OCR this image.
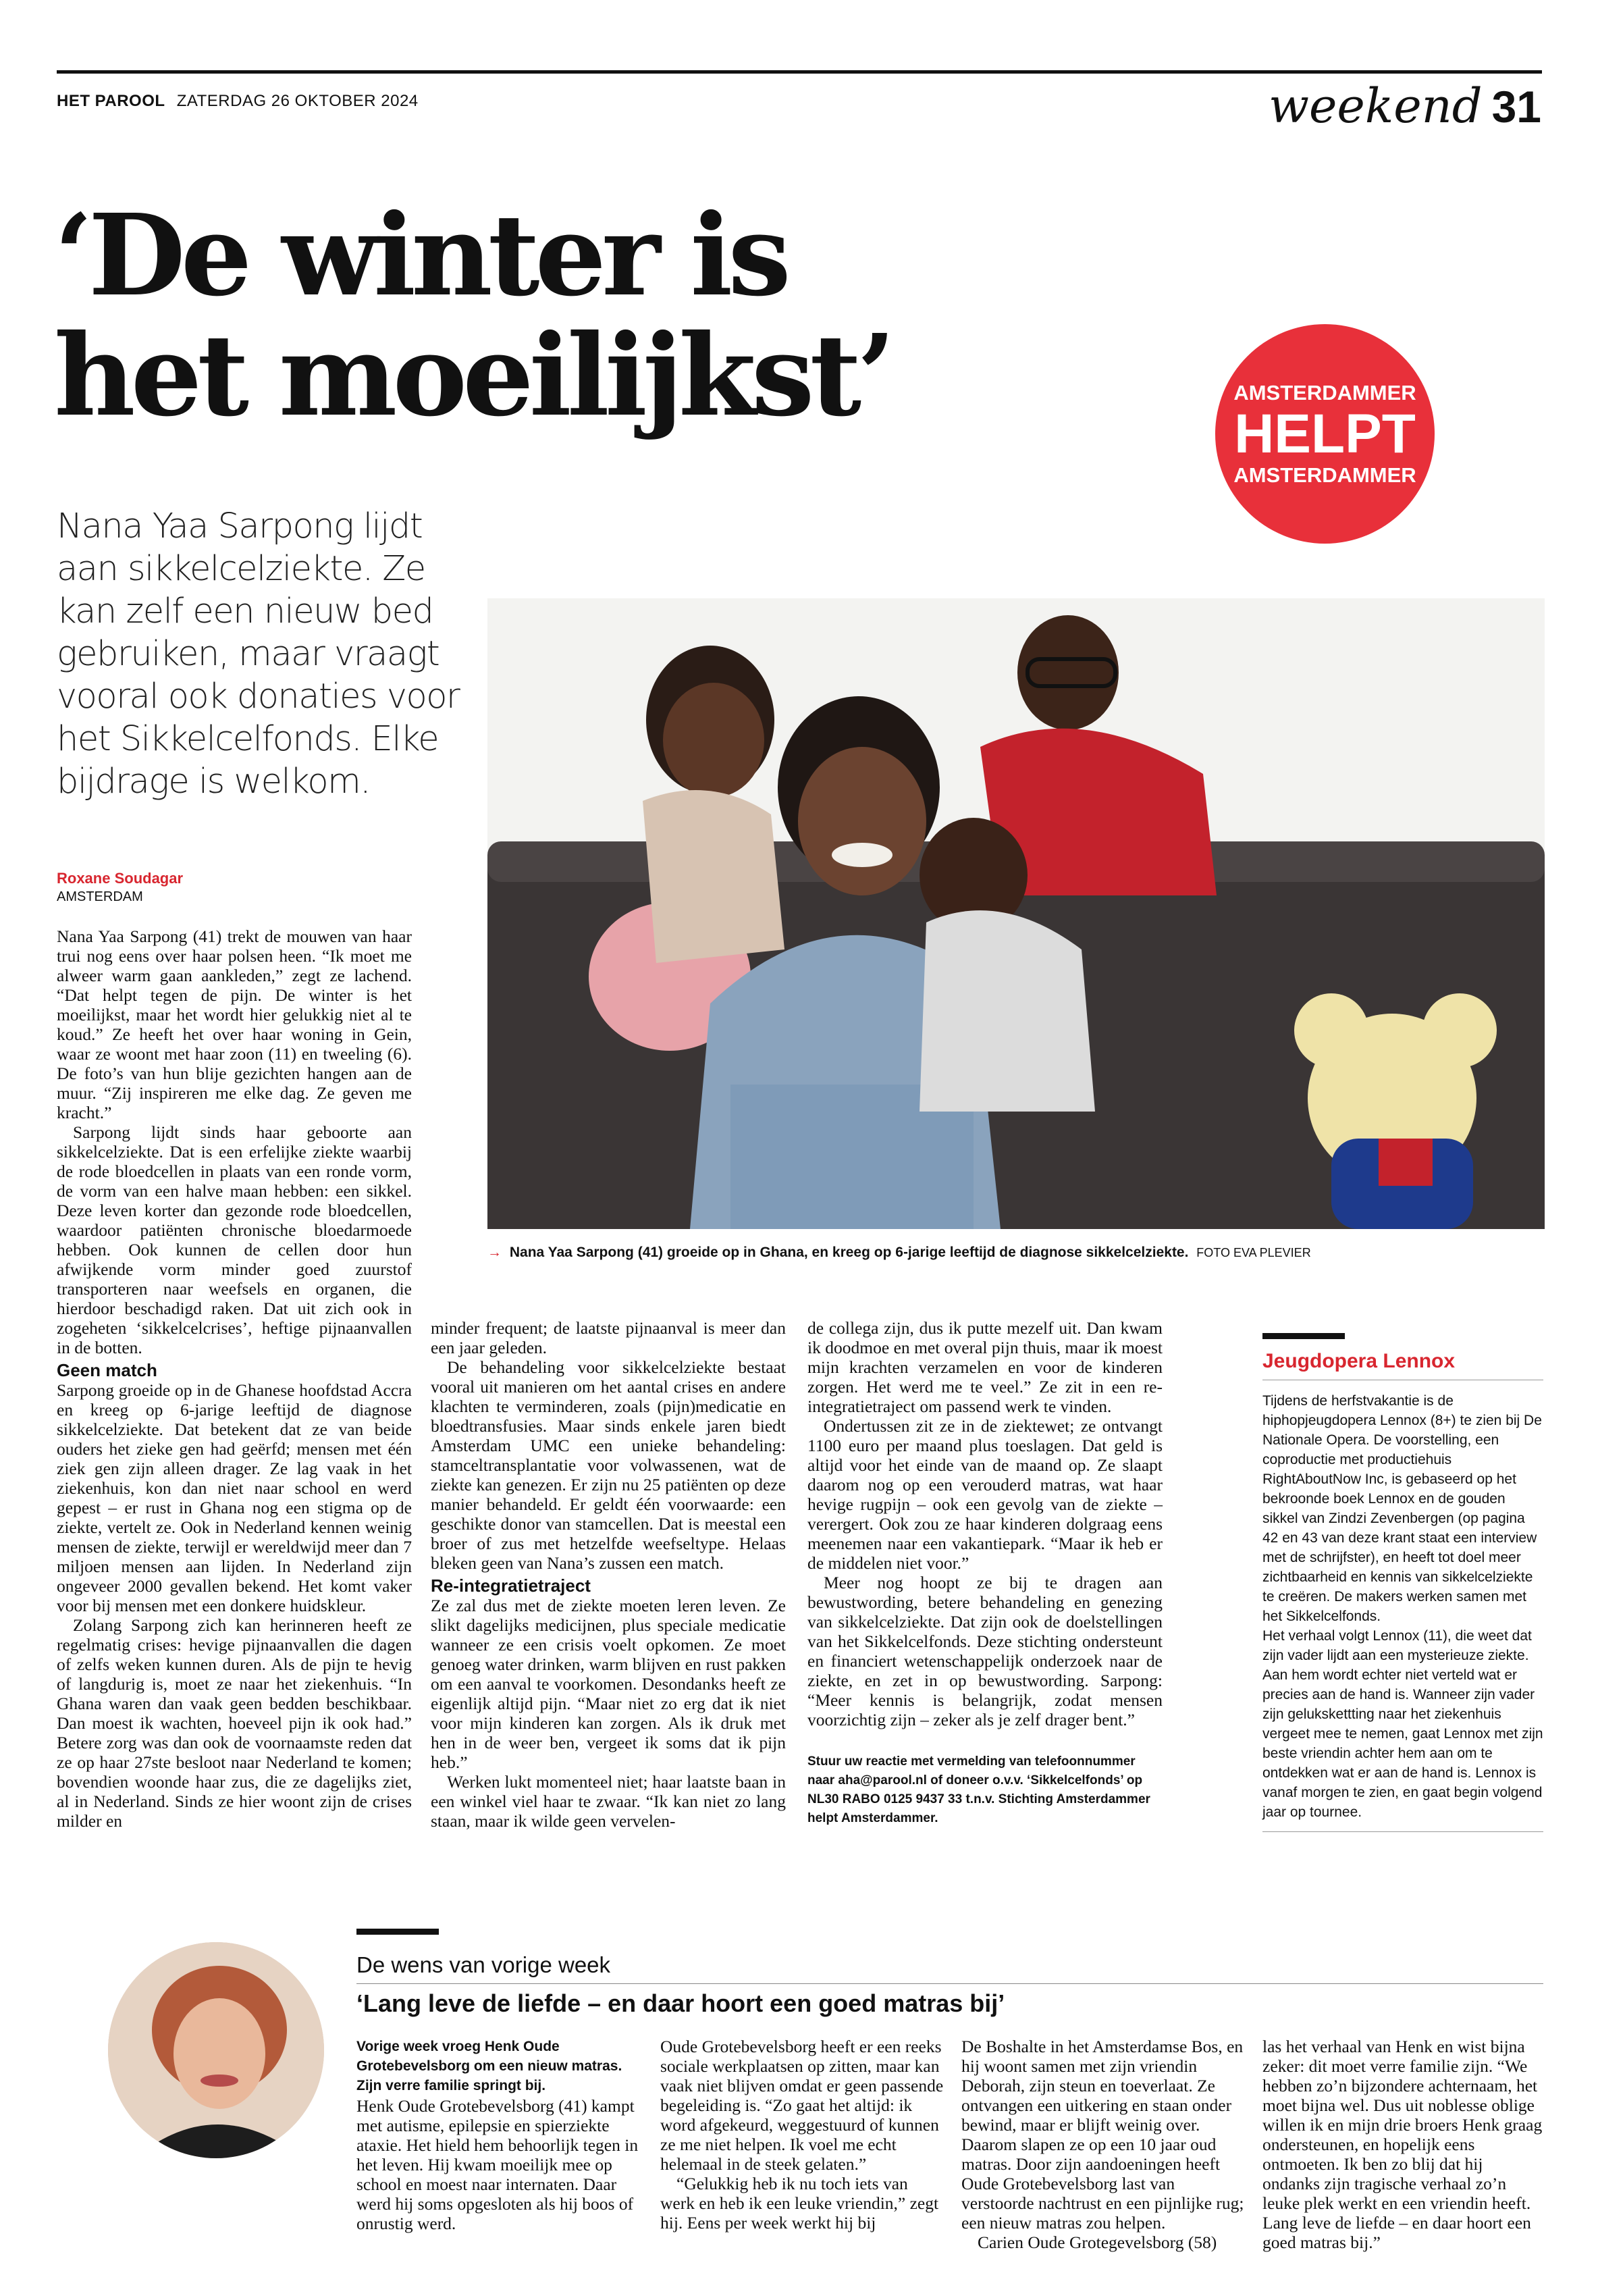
HET PAROOL ZATERDAG 26 OKTOBER 2024	weekend 31
‘De winter is
het moeilijkst’	AMSTERDAMMER
HELPT
AMSTERDAMMER
Nana Yaa Sarpong lijdt aan sikkelcelziekte. Ze kan zelf een nieuw bed gebruiken, maar vraagt vooral ook donaties voor het Sikkelcelfonds. Elke bijdrage is welkom.
→ Nana Yaa Sarpong (41) groeide op in Ghana, en kreeg op 6-jarige leeftijd de diagnose sikkelcelziekte. FOTO EVA PLEVIER
Roxane Soudagar
AMSTERDAM

Nana Yaa Sarpong (41) trekt de mouwen van haar trui nog eens over haar polsen heen. “Ik moet me alweer warm gaan aankleden,” zegt ze lachend. “Dat helpt tegen de pijn. De winter is het moeilijkst, maar het wordt hier gelukkig niet al te koud.” Ze heeft het over haar woning in Gein, waar ze woont met haar zoon (11) en tweeling (6). De foto’s van hun blije gezichten hangen aan de muur. “Zij inspireren me elke dag. Ze geven me kracht.”

Sarpong lijdt sinds haar geboorte aan sikkelcelziekte. Dat is een erfelijke ziekte waarbij de rode bloedcellen in plaats van een ronde vorm, de vorm van een halve maan hebben: een sikkel. Deze leven korter dan gezonde rode bloedcellen, waardoor patiënten chronische bloedarmoede hebben. Ook kunnen de cellen door hun afwijkende vorm minder goed zuurstof transporteren naar weefsels en organen, die hierdoor beschadigd raken. Dat uit zich ook in zogeheten ‘sikkelcelcrises’, heftige pijnaanvallen in de botten.

Geen match

Sarpong groeide op in de Ghanese hoofdstad Accra en kreeg op 6-jarige leeftijd de diagnose sikkelcelziekte. Dat betekent dat ze van beide ouders het zieke gen had geërfd; mensen met één ziek gen zijn alleen drager. Ze lag vaak in het ziekenhuis, kon dan niet naar school en werd gepest – er rust in Ghana nog een stigma op de ziekte, vertelt ze. Ook in Nederland kennen weinig mensen de ziekte, terwijl er wereldwijd meer dan 7 miljoen mensen aan lijden. In Nederland zijn ongeveer 2000 gevallen bekend. Het komt vaker voor bij mensen met een donkere huidskleur.

Zolang Sarpong zich kan herinneren heeft ze regelmatig crises: hevige pijnaanvallen die dagen of zelfs weken kunnen duren. Als de pijn te hevig of langdurig is, moet ze naar het ziekenhuis. “In Ghana waren dan vaak geen bedden beschikbaar. Dan moest ik wachten, hoeveel pijn ik ook had.” Betere zorg was dan ook de voornaamste reden dat ze op haar 27ste besloot naar Nederland te komen; bovendien woonde haar zus, die ze dagelijks ziet, al in Nederland. Sinds ze hier woont zijn de crises milder en

minder frequent; de laatste pijnaanval is meer dan een jaar geleden.

De behandeling voor sikkelcelziekte bestaat vooral uit manieren om het aantal crises en andere klachten te verminderen, zoals (pijn)medicatie en bloedtransfusies. Maar sinds enkele jaren biedt Amsterdam UMC een unieke behandeling: stamceltransplantatie voor volwassenen, wat de ziekte kan genezen. Er zijn nu 25 patiënten op deze manier behandeld. Er geldt één voorwaarde: een geschikte donor van stamcellen. Dat is meestal een broer of zus met hetzelfde weefseltype. Helaas bleken geen van Nana’s zussen een match.

Re-integratietraject

Ze zal dus met de ziekte moeten leren leven. Ze slikt dagelijks medicijnen, plus speciale medicatie wanneer ze een crisis voelt opkomen. Ze moet genoeg water drinken, warm blijven en rust pakken om een aanval te voorkomen. Desondanks heeft ze eigenlijk altijd pijn. “Maar niet zo erg dat ik niet voor mijn kinderen kan zorgen. Als ik druk met hen in de weer ben, vergeet ik soms dat ik pijn heb.”

Werken lukt momenteel niet; haar laatste baan in een winkel viel haar te zwaar. “Ik kan niet zo lang staan, maar ik wilde geen vervelen-

de collega zijn, dus ik putte mezelf uit. Dan kwam ik doodmoe en met overal pijn thuis, maar ik moest mijn krachten verzamelen en voor de kinderen zorgen. Het werd me te veel.” Ze zit in een re-integratietraject om passend werk te vinden.

Ondertussen zit ze in de ziektewet; ze ontvangt 1100 euro per maand plus toeslagen. Dat geld is altijd voor het einde van de maand op. Ze slaapt daarom nog op een verouderd matras, wat haar hevige rugpijn – ook een gevolg van de ziekte – verergert. Ook zou ze haar kinderen dolgraag eens meenemen naar een vakantiepark. “Maar ik heb er de middelen niet voor.”

Meer nog hoopt ze bij te dragen aan bewustwording, betere behandeling en genezing van sikkelcelziekte. Dat zijn ook de doelstellingen van het Sikkelcelfonds. Deze stichting ondersteunt en financiert wetenschappelijk onderzoek naar de ziekte, en zet in op bewustwording. Sarpong: “Meer kennis is belangrijk, zodat mensen voorzichtig zijn – zeker als je zelf drager bent.”

Stuur uw reactie met vermelding van telefoonnummer naar aha@parool.nl of doneer o.v.v. ‘Sikkelcelfonds’ op NL30 RABO 0125 9437 33 t.n.v. Stichting Amsterdammer helpt Amsterdammer.
Jeugdopera Lennox

Tijdens de herfstvakantie is de hiphopjeugdopera Lennox (8+) te zien bij De Nationale Opera. De voorstelling, een coproductie met productiehuis RightAboutNow Inc, is gebaseerd op het bekroonde boek Lennox en de gouden sikkel van Zindzi Zevenbergen (op pagina 42 en 43 van deze krant staat een interview met de schrijfster), en heeft tot doel meer zichtbaarheid en kennis van sikkelcelziekte te creëren. De makers werken samen met het Sikkelcelfonds.

Het verhaal volgt Lennox (11), die weet dat zijn vader lijdt aan een mysterieuze ziekte. Aan hem wordt echter niet verteld wat er precies aan de hand is. Wanneer zijn vader zijn gelukskettting naar het ziekenhuis vergeet mee te nemen, gaat Lennox met zijn beste vriendin achter hem aan om te ontdekken wat er aan de hand is. Lennox is vanaf morgen te zien, en gaat begin volgend jaar op tournee.

De wens van vorige week
‘Lang leve de liefde – en daar hoort een goed matras bij’
Vorige week vroeg Henk Oude Grotebevelsborg om een nieuw matras. Zijn verre familie springt bij.

Henk Oude Grotebevelsborg (41) kampt met autisme, epilepsie en spierziekte ataxie. Het hield hem behoorlijk tegen in het leven. Hij kwam moeilijk mee op school en moest naar internaten. Daar werd hij soms opgesloten als hij boos of onrustig werd.

Oude Grotebevelsborg heeft er een reeks sociale werkplaatsen op zitten, maar kan vaak niet blijven omdat er geen passende begeleiding is. “Zo gaat het altijd: ik word afgekeurd, weggestuurd of kunnen ze me niet helpen. Ik voel me echt helemaal in de steek gelaten.”

“Gelukkig heb ik nu toch iets van werk en heb ik een leuke vriendin,” zegt hij. Eens per week werkt hij bij

De Boshalte in het Amsterdamse Bos, en hij woont samen met zijn vriendin Deborah, zijn steun en toeverlaat. Ze ontvangen een uitkering en staan onder bewind, maar er blijft weinig over. Daarom slapen ze op een 10 jaar oud matras. Door zijn aandoeningen heeft Oude Grotebevelsborg last van verstoorde nachtrust en een pijnlijke rug; een nieuw matras zou helpen.

Carien Oude Grotegevelsborg (58)

las het verhaal van Henk en wist bijna zeker: dit moet verre familie zijn. “We hebben zo’n bijzondere achternaam, het moet bijna wel. Dus uit noblesse oblige willen ik en mijn drie broers Henk graag ondersteunen, en hopelijk eens ontmoeten. Ik ben zo blij dat hij ondanks zijn tragische verhaal zo’n leuke plek werkt en een vriendin heeft. Lang leve de liefde – en daar hoort een goed matras bij.”
